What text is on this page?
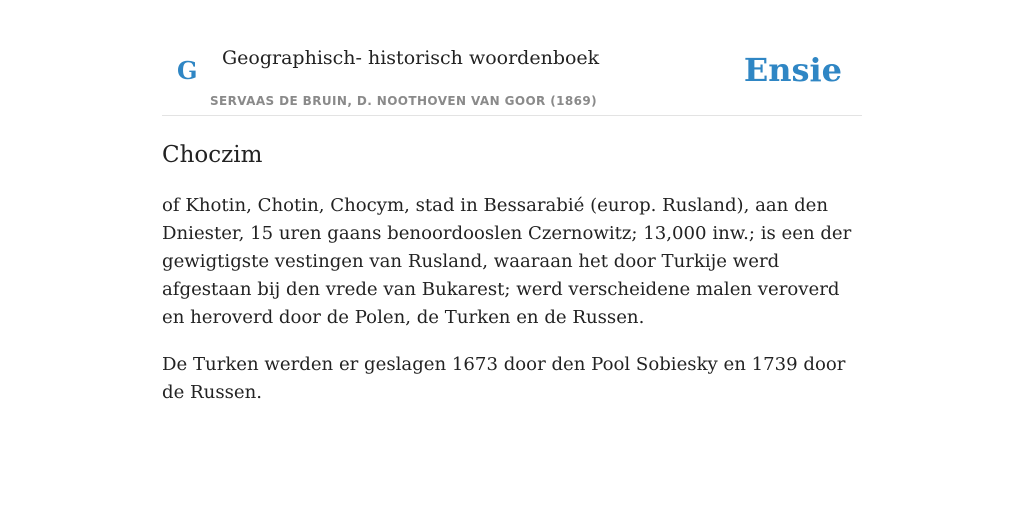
G Geographisch- historisch woordenboek
SERVAAS DE BRUIN, D. NOOTHOVEN VAN GOOR (1869)
Ensie
Choczim

of Khotin, Chotin, Chocym, stad in Bessarabié (europ. Rusland), aan den Dniester, 15 uren gaans benoordooslen Czernowitz; 13,000 inw.; is een der gewigtigste vestingen van Rusland, waaraan het door Turkije werd afgestaan bij den vrede van Bukarest; werd verscheidene malen veroverd en heroverd door de Polen, de Turken en de Russen.

De Turken werden er geslagen 1673 door den Pool Sobiesky en 1739 door de Russen.
